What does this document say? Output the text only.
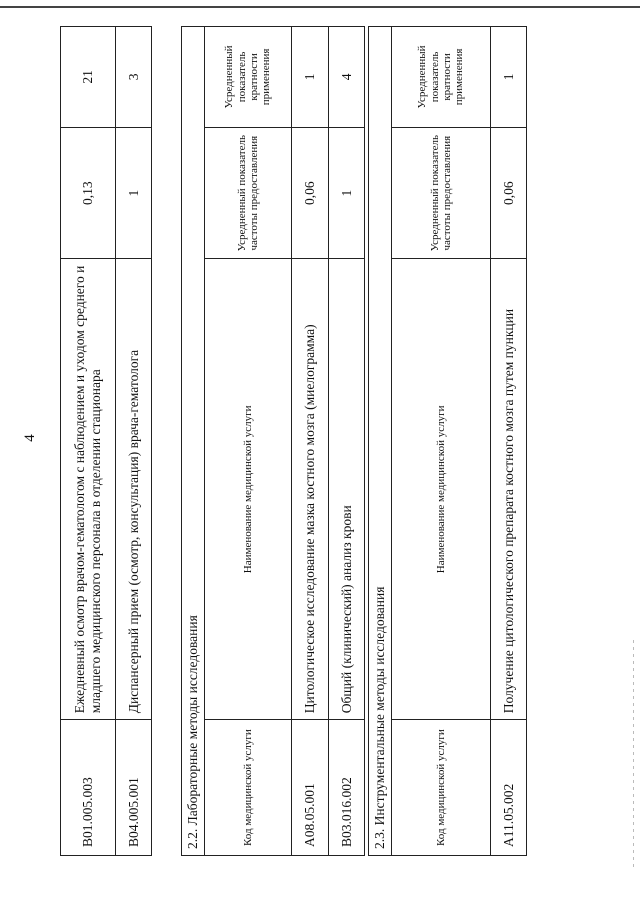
4
B01.005.003	Ежедневный осмотр врачом-гематологом с наблюдением и уходом среднего и младшего медицинского персонала в отделении стационара	0,13	21
B04.005.001	Диспансерный прием (осмотр, консультация) врача-гематолога	1	3
2.2. Лабораторные методы исследования			
Код медицинской услуги	Наименование медицинской услуги	Усредненный показатель частоты предоставления	Усредненный показатель кратности применения
A08.05.001	Цитологическое исследование мазка костного мозга (миелограмма)	0,06	1
B03.016.002	Общий (клинический) анализ крови	1	4
2.3. Инструментальные методы исследования			
Код медицинской услуги	Наименование медицинской услуги	Усредненный показатель частоты предоставления	Усредненный показатель кратности применения
A11.05.002	Получение цитологического препарата костного мозга путем пункции	0,06	1
